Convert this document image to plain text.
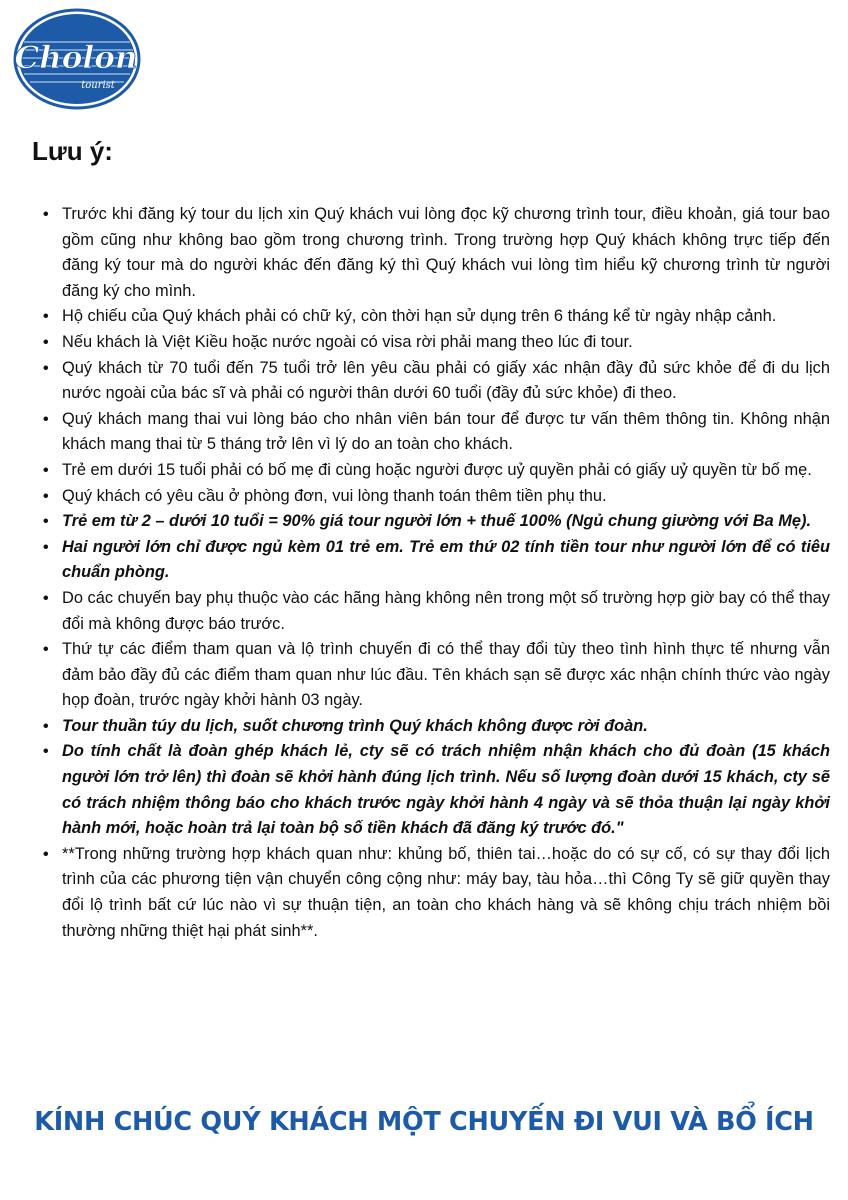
Cholon
tourist
Lưu ý:
• Trước khi đăng ký tour du lịch xin Quý khách vui lòng đọc kỹ chương trình tour, điều khoản, giá tour bao gồm cũng như không bao gồm trong chương trình. Trong trường hợp Quý khách không trực tiếp đến đăng ký tour mà do người khác đến đăng ký thì Quý khách vui lòng tìm hiểu kỹ chương trình từ người đăng ký cho mình.
• Hộ chiếu của Quý khách phải có chữ ký, còn thời hạn sử dụng trên 6 tháng kể từ ngày nhập cảnh.
• Nếu khách là Việt Kiều hoặc nước ngoài có visa rời phải mang theo lúc đi tour.
• Quý khách từ 70 tuổi đến 75 tuổi trở lên yêu cầu phải có giấy xác nhận đầy đủ sức khỏe để đi du lịch nước ngoài của bác sĩ và phải có người thân dưới 60 tuổi (đầy đủ sức khỏe) đi theo.
• Quý khách mang thai vui lòng báo cho nhân viên bán tour để được tư vấn thêm thông tin. Không nhận khách mang thai từ 5 tháng trở lên vì lý do an toàn cho khách.
• Trẻ em dưới 15 tuổi phải có bố mẹ đi cùng hoặc người được uỷ quyền phải có giấy uỷ quyền từ bố mẹ.
• Quý khách có yêu cầu ở phòng đơn, vui lòng thanh toán thêm tiền phụ thu.
• Trẻ em từ 2 – dưới 10 tuổi = 90% giá tour người lớn + thuế 100% (Ngủ chung giường với Ba Mẹ).
• Hai người lớn chỉ được ngủ kèm 01 trẻ em. Trẻ em thứ 02 tính tiền tour như người lớn để có tiêu chuẩn phòng.
• Do các chuyến bay phụ thuộc vào các hãng hàng không nên trong một số trường hợp giờ bay có thể thay đổi mà không được báo trước.
• Thứ tự các điểm tham quan và lộ trình chuyến đi có thể thay đổi tùy theo tình hình thực tế nhưng vẫn đảm bảo đầy đủ các điểm tham quan như lúc đầu. Tên khách sạn sẽ được xác nhận chính thức vào ngày họp đoàn, trước ngày khởi hành 03 ngày.
• Tour thuần túy du lịch, suốt chương trình Quý khách không được rời đoàn.
• Do tính chất là đoàn ghép khách lẻ, cty sẽ có trách nhiệm nhận khách cho đủ đoàn (15 khách người lớn trở lên) thì đoàn sẽ khởi hành đúng lịch trình. Nếu số lượng đoàn dưới 15 khách, cty sẽ có trách nhiệm thông báo cho khách trước ngày khởi hành 4 ngày và sẽ thỏa thuận lại ngày khởi hành mới, hoặc hoàn trả lại toàn bộ số tiền khách đã đăng ký trước đó."
• **Trong những trường hợp khách quan như: khủng bố, thiên tai…hoặc do có sự cố, có sự thay đổi lịch trình của các phương tiện vận chuyển công cộng như: máy bay, tàu hỏa…thì Công Ty sẽ giữ quyền thay đổi lộ trình bất cứ lúc nào vì sự thuận tiện, an toàn cho khách hàng và sẽ không chịu trách nhiệm bồi thường những thiệt hại phát sinh**.

KÍNH CHÚC QUÝ KHÁCH MỘT CHUYẾN ĐI VUI VÀ BỔ ÍCH
